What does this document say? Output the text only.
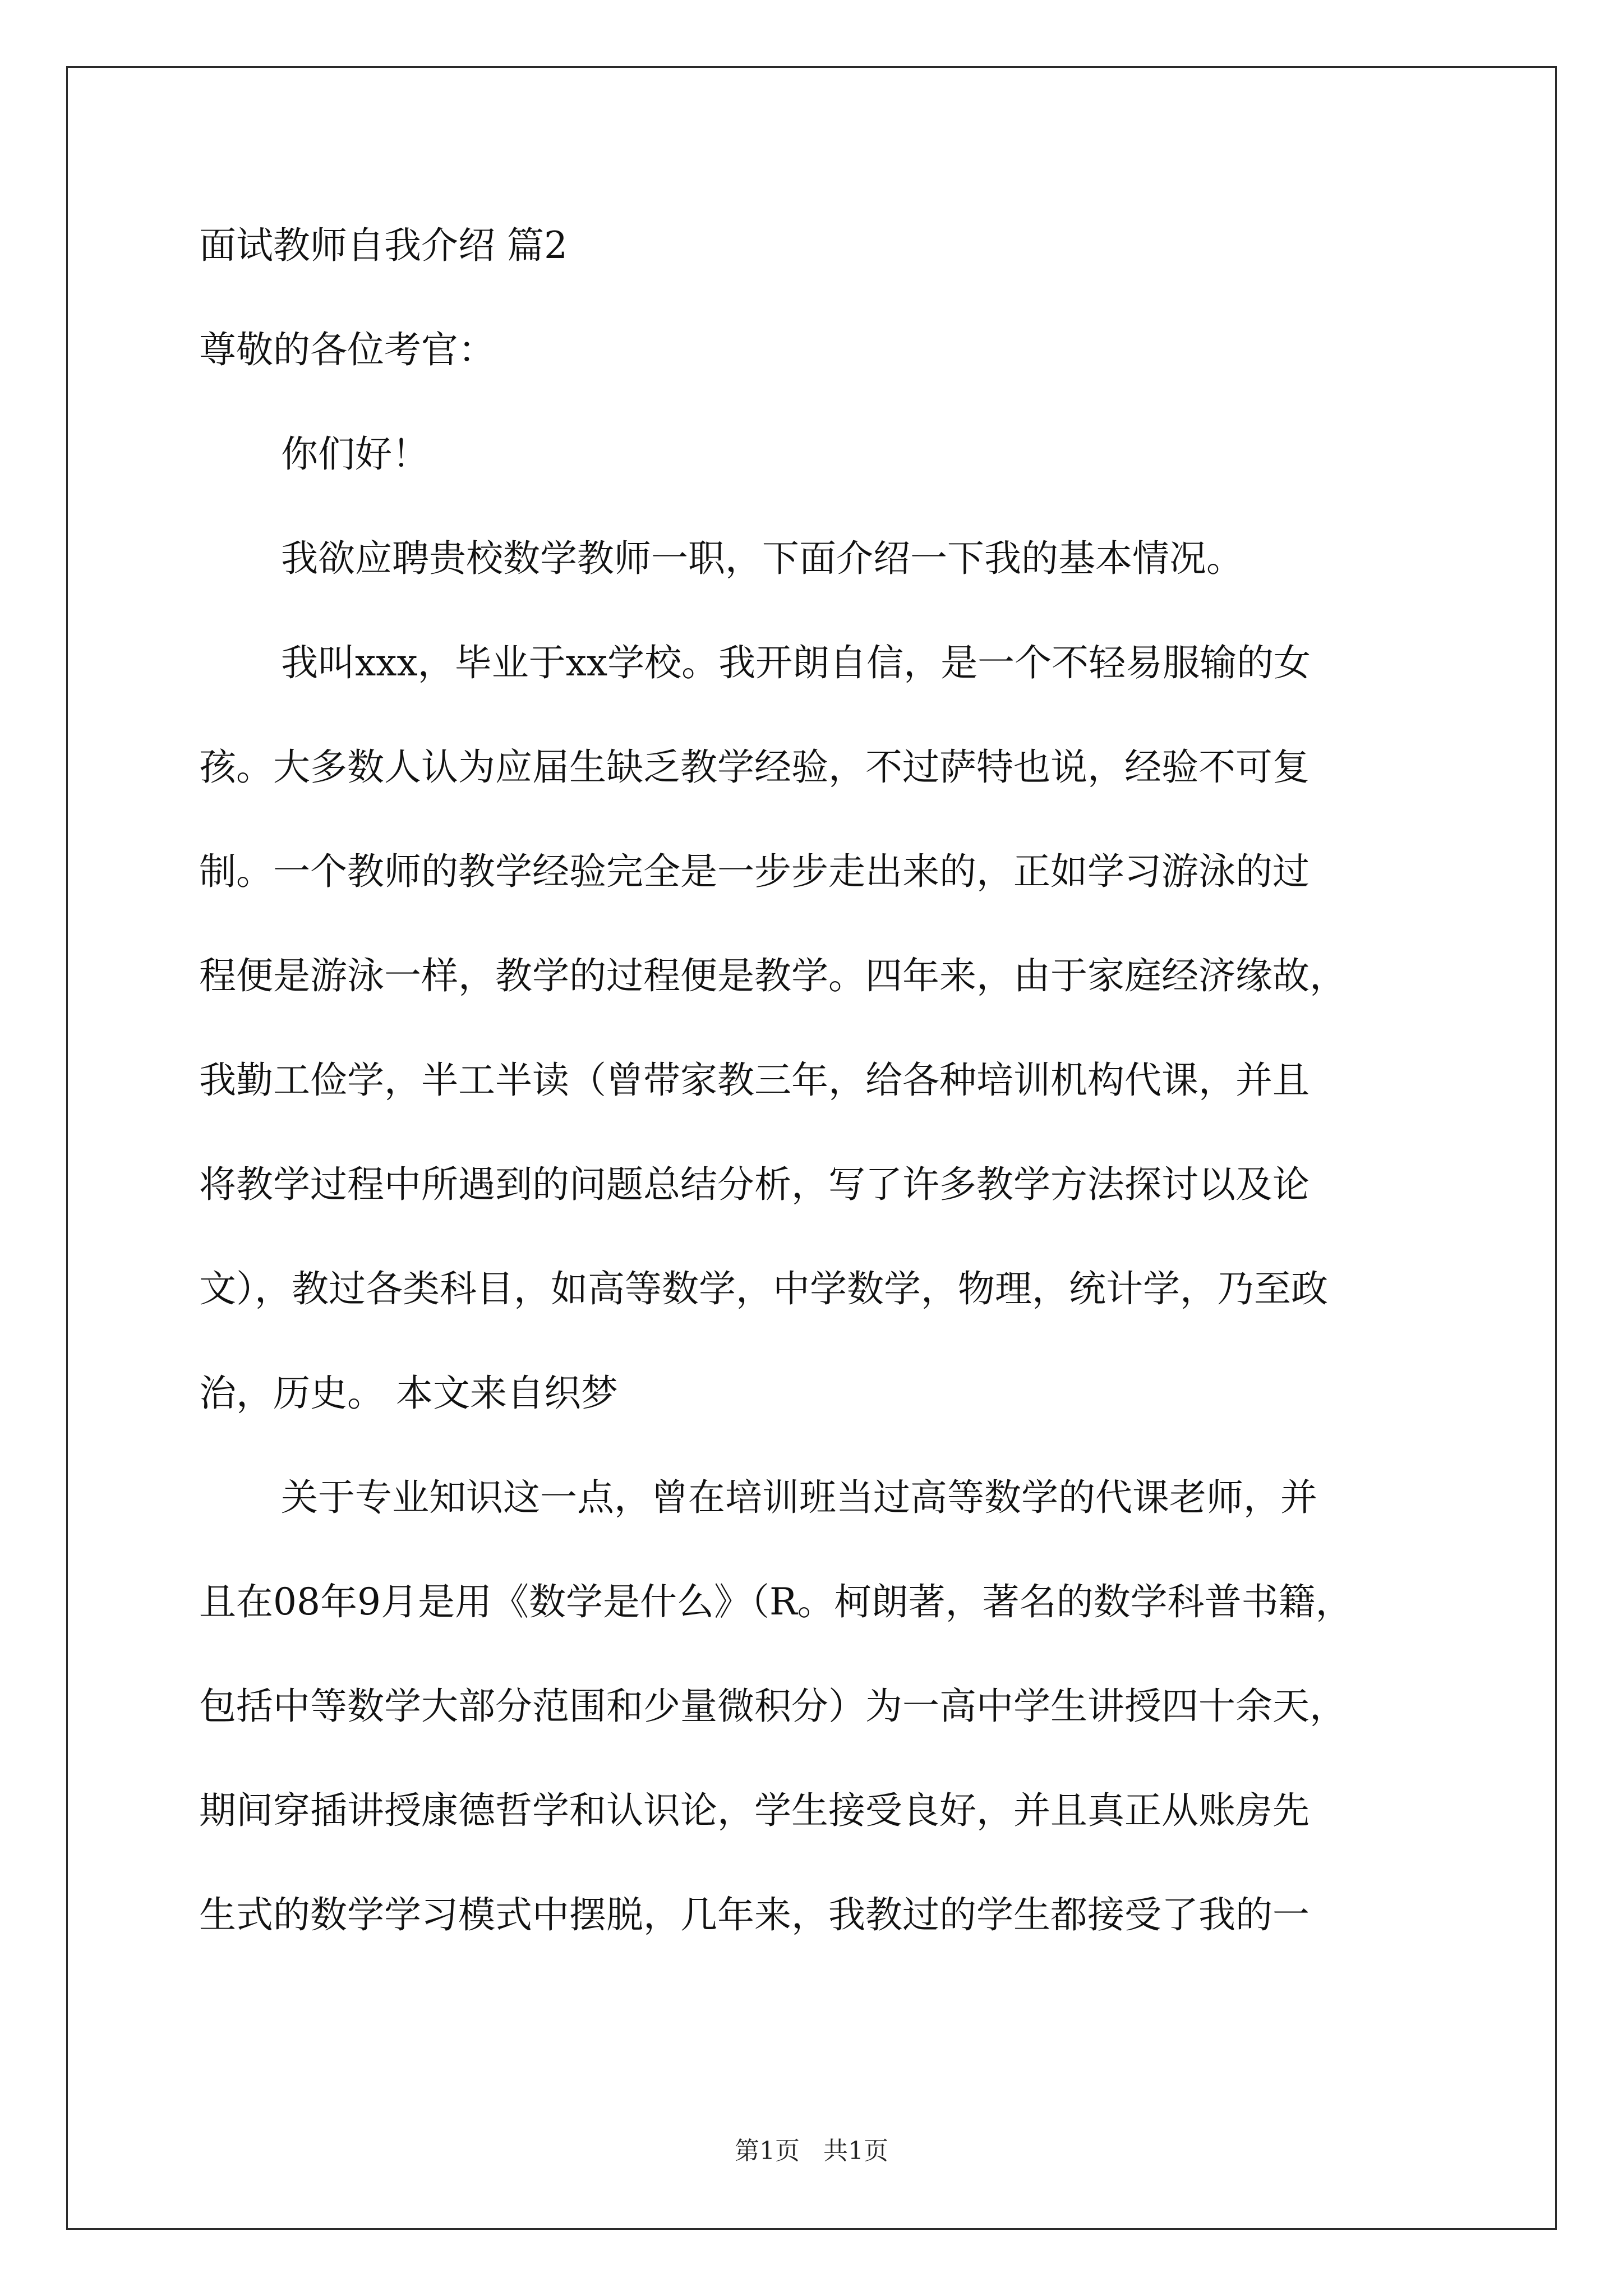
面试教师自我介绍 篇2

尊敬的各位考官：

你们好！
我欲应聘贵校数学教师一职，下面介绍一下我的基本情况。
我叫xxx，毕业于xx学校。我开朗自信，是一个不轻易服输的女
孩。大多数人认为应届生缺乏教学经验，不过萨特也说，经验不可复
制。一个教师的教学经验完全是一步步走出来的，正如学习游泳的过
程便是游泳一样，教学的过程便是教学。四年来，由于家庭经济缘故，
我勤工俭学，半工半读（曾带家教三年，给各种培训机构代课，并且
将教学过程中所遇到的问题总结分析，写了许多教学方法探讨以及论
文），教过各类科目，如高等数学，中学数学，物理，统计学，乃至政
治，历史。 本文来自织梦
关于专业知识这一点，曾在培训班当过高等数学的代课老师，并
且在08年9月是用《数学是什么》（R。柯朗著，著名的数学科普书籍，
包括中等数学大部分范围和少量微积分）为一高中学生讲授四十余天，
期间穿插讲授康德哲学和认识论，学生接受良好，并且真正从账房先
生式的数学学习模式中摆脱，几年来，我教过的学生都接受了我的一
第1页 共1页
